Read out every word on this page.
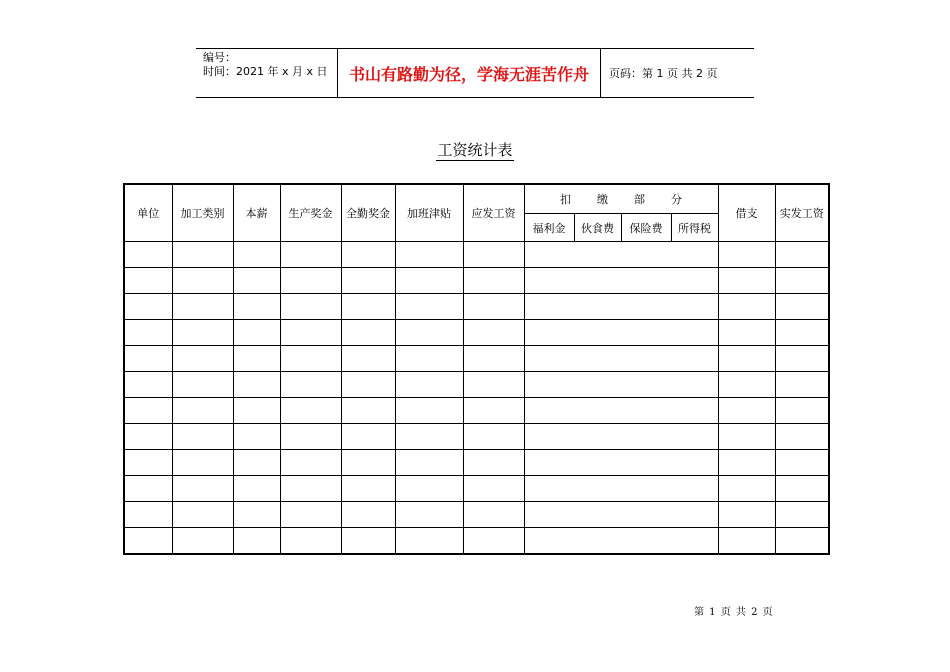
编号：
时间：2021 年 x 月 x 日	书山有路勤为径，学海无涯苦作舟	页码：第 1 页 共 2 页
工资统计表
单位	加工类别	本薪	生产奖金	全勤奖金	加班津贴	应发工资	扣缴部分				借支	实发工资
							福利金	伙食费	保险费	所得税		

第 1 页 共 2 页
